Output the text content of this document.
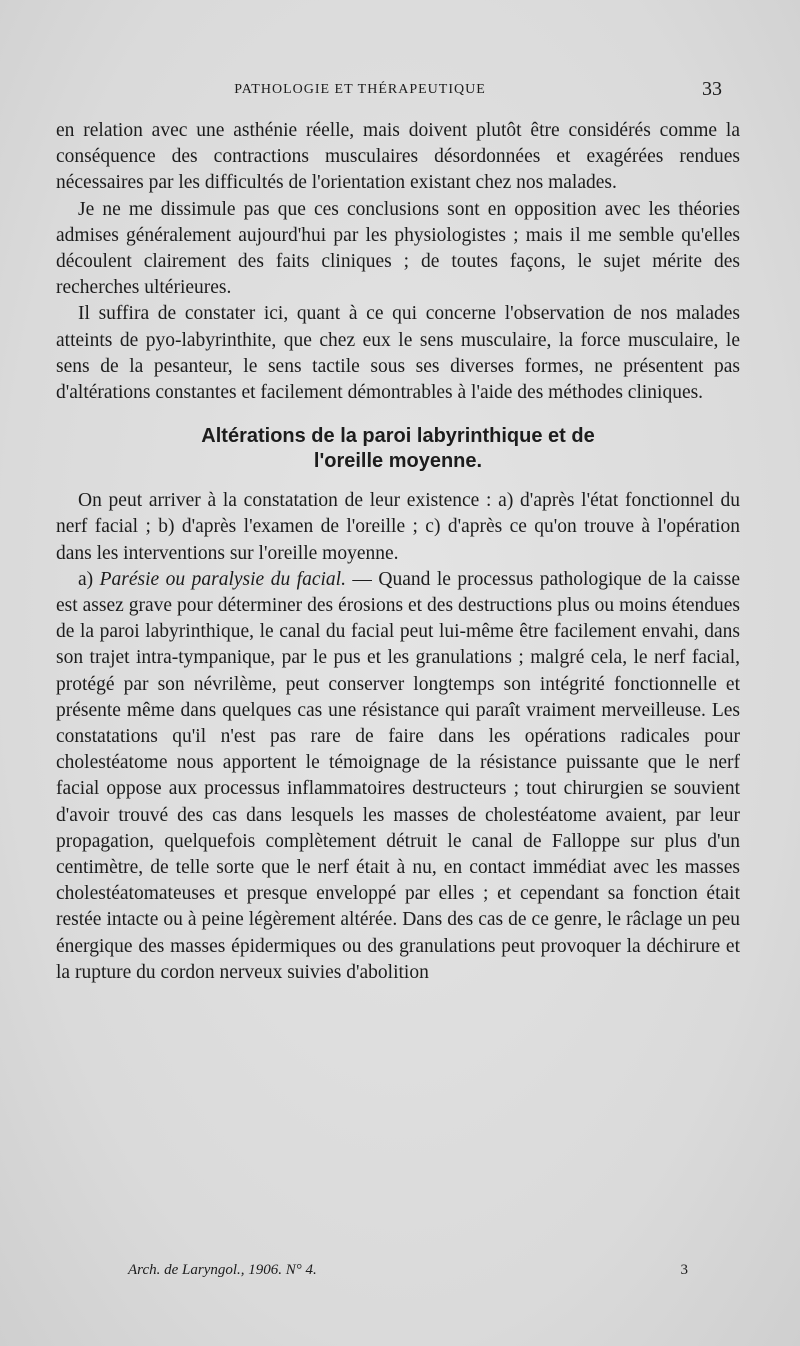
PATHOLOGIE ET THÉRAPEUTIQUE	33

en relation avec une asthénie réelle, mais doivent plutôt être considérés comme la conséquence des contractions musculaires désordonnées et exagérées rendues nécessaires par les difficultés de l'orientation existant chez nos malades.

Je ne me dissimule pas que ces conclusions sont en opposition avec les théories admises généralement aujourd'hui par les physiologistes ; mais il me semble qu'elles découlent clairement des faits cliniques ; de toutes façons, le sujet mérite des recherches ultérieures.

Il suffira de constater ici, quant à ce qui concerne l'observation de nos malades atteints de pyo-labyrinthite, que chez eux le sens musculaire, la force musculaire, le sens de la pesanteur, le sens tactile sous ses diverses formes, ne présentent pas d'altérations constantes et facilement démontrables à l'aide des méthodes cliniques.

Altérations de la paroi labyrinthique et de
l'oreille moyenne.

On peut arriver à la constatation de leur existence : a) d'après l'état fonctionnel du nerf facial ; b) d'après l'examen de l'oreille ; c) d'après ce qu'on trouve à l'opération dans les interventions sur l'oreille moyenne.

a) Parésie ou paralysie du facial. — Quand le processus pathologique de la caisse est assez grave pour déterminer des érosions et des destructions plus ou moins étendues de la paroi labyrinthique, le canal du facial peut lui-même être facilement envahi, dans son trajet intra-tympanique, par le pus et les granulations ; malgré cela, le nerf facial, protégé par son névrilème, peut conserver longtemps son intégrité fonctionnelle et présente même dans quelques cas une résistance qui paraît vraiment merveilleuse. Les constatations qu'il n'est pas rare de faire dans les opérations radicales pour cholestéatome nous apportent le témoignage de la résistance puissante que le nerf facial oppose aux processus inflammatoires destructeurs ; tout chirurgien se souvient d'avoir trouvé des cas dans lesquels les masses de cholestéatome avaient, par leur propagation, quelquefois complètement détruit le canal de Falloppe sur plus d'un centimètre, de telle sorte que le nerf était à nu, en contact immédiat avec les masses cholestéatomateuses et presque enveloppé par elles ; et cependant sa fonction était restée intacte ou à peine légèrement altérée. Dans des cas de ce genre, le râclage un peu énergique des masses épidermiques ou des granulations peut provoquer la déchirure et la rupture du cordon nerveux suivies d'abolition

Arch. de Laryngol., 1906. N° 4.	3
